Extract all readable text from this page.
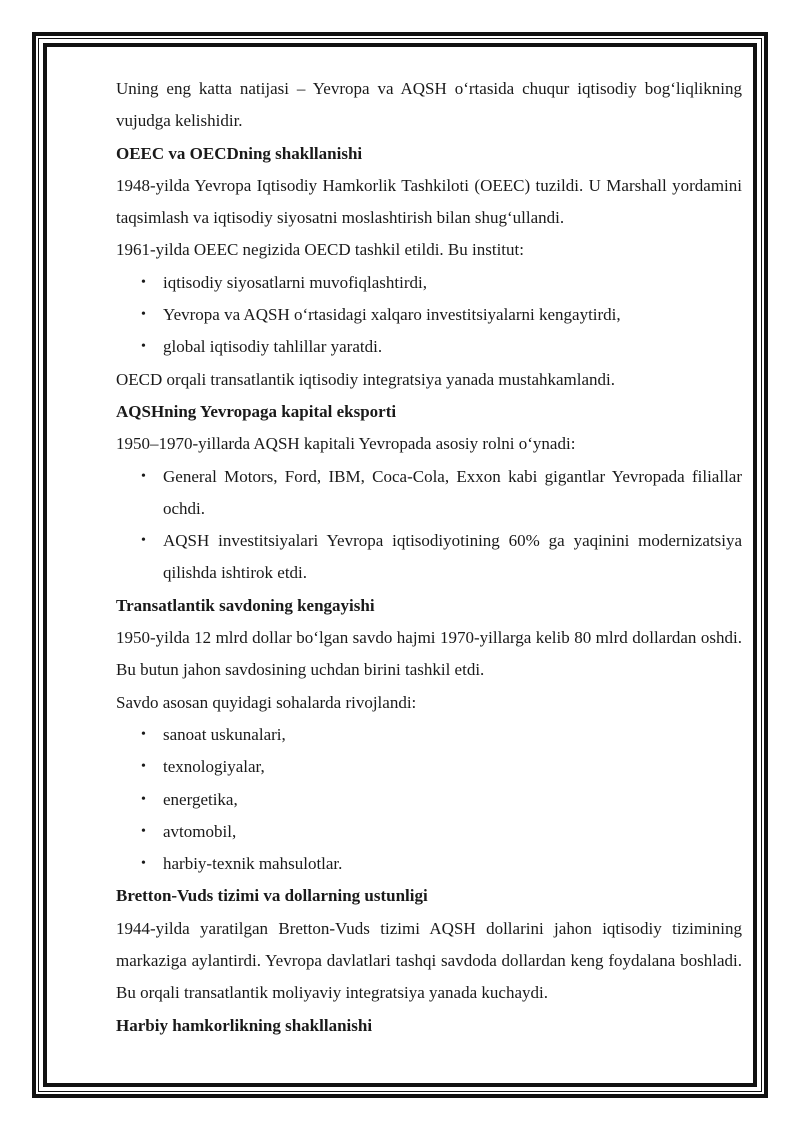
Uning eng katta natijasi – Yevropa va AQSH o‘rtasida chuqur iqtisodiy bog‘liqlikning vujudga kelishidir.

OEEC va OECDning shakllanishi

1948-yilda Yevropa Iqtisodiy Hamkorlik Tashkiloti (OEEC) tuzildi. U Marshall yordamini taqsimlash va iqtisodiy siyosatni moslashtirish bilan shug‘ullandi.

1961-yilda OEEC negizida OECD tashkil etildi. Bu institut:

• iqtisodiy siyosatlarni muvofiqlashtirdi,
• Yevropa va AQSH o‘rtasidagi xalqaro investitsiyalarni kengaytirdi,
• global iqtisodiy tahlillar yaratdi.

OECD orqali transatlantik iqtisodiy integratsiya yanada mustahkamlandi.

AQSHning Yevropaga kapital eksporti

1950–1970-yillarda AQSH kapitali Yevropada asosiy rolni o‘ynadi:

• General Motors, Ford, IBM, Coca-Cola, Exxon kabi gigantlar Yevropada filiallar ochdi.
• AQSH investitsiyalari Yevropa iqtisodiyotining 60% ga yaqinini modernizatsiya qilishda ishtirok etdi.

Transatlantik savdoning kengayishi

1950-yilda 12 mlrd dollar bo‘lgan savdo hajmi 1970-yillarga kelib 80 mlrd dollardan oshdi. Bu butun jahon savdosining uchdan birini tashkil etdi.

Savdo asosan quyidagi sohalarda rivojlandi:

• sanoat uskunalari,
• texnologiyalar,
• energetika,
• avtomobil,
• harbiy-texnik mahsulotlar.

Bretton-Vuds tizimi va dollarning ustunligi

1944-yilda yaratilgan Bretton-Vuds tizimi AQSH dollarini jahon iqtisodiy tizimining markaziga aylantirdi. Yevropa davlatlari tashqi savdoda dollardan keng foydalana boshladi. Bu orqali transatlantik moliyaviy integratsiya yanada kuchaydi.

Harbiy hamkorlikning shakllanishi
